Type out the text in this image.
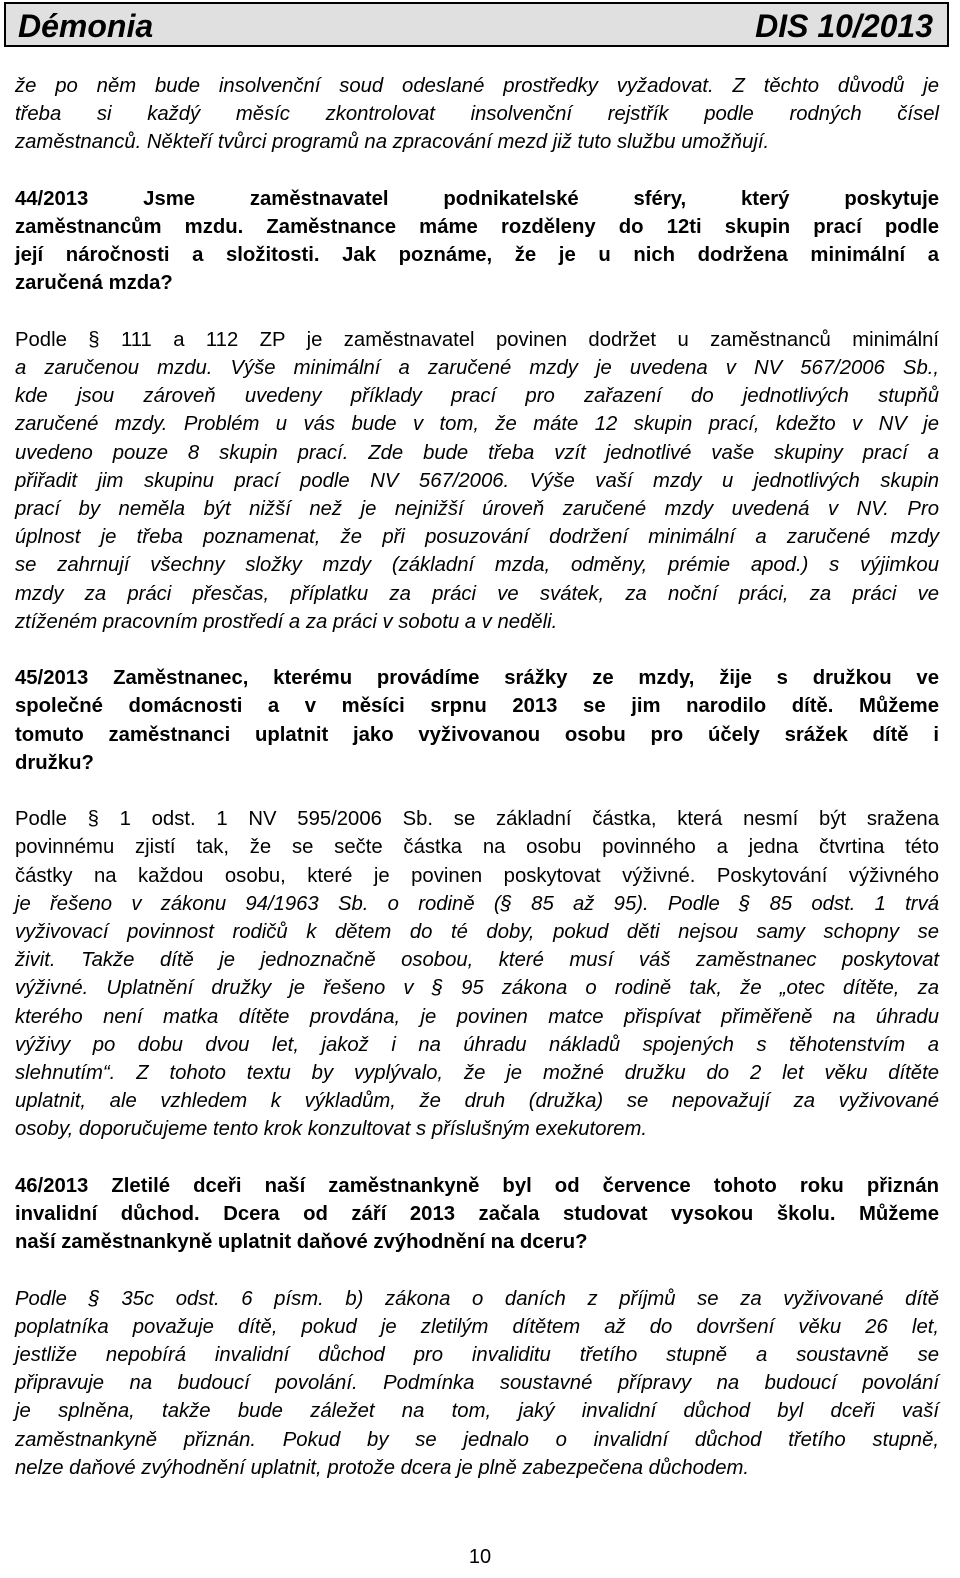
Démonia	DIS 10/2013
že po něm bude insolvenční soud odeslané prostředky vyžadovat. Z těchto důvodů je
třeba si každý měsíc zkontrolovat insolvenční rejstřík podle rodných čísel
zaměstnanců. Někteří tvůrci programů na zpracování mezd již tuto službu umožňují.
44/2013 Jsme zaměstnavatel podnikatelské sféry, který poskytuje
zaměstnancům mzdu. Zaměstnance máme rozděleny do 12ti skupin prací podle
její náročnosti a složitosti. Jak poznáme, že je u nich dodržena minimální a
zaručená mzda?
Podle § 111 a 112 ZP je zaměstnavatel povinen dodržet u zaměstnanců minimální
a zaručenou mzdu. Výše minimální a zaručené mzdy je uvedena v NV 567/2006 Sb.,
kde jsou zároveň uvedeny příklady prací pro zařazení do jednotlivých stupňů
zaručené mzdy. Problém u vás bude v tom, že máte 12 skupin prací, kdežto v NV je
uvedeno pouze 8 skupin prací. Zde bude třeba vzít jednotlivé vaše skupiny prací a
přiřadit jim skupinu prací podle NV 567/2006. Výše vaší mzdy u jednotlivých skupin
prací by neměla být nižší než je nejnižší úroveň zaručené mzdy uvedená v NV. Pro
úplnost je třeba poznamenat, že při posuzování dodržení minimální a zaručené mzdy
se zahrnují všechny složky mzdy (základní mzda, odměny, prémie apod.) s výjimkou
mzdy za práci přesčas, příplatku za práci ve svátek, za noční práci, za práci ve
ztíženém pracovním prostředí a za práci v sobotu a v neděli.
45/2013 Zaměstnanec, kterému provádíme srážky ze mzdy, žije s družkou ve
společné domácnosti a v měsíci srpnu 2013 se jim narodilo dítě. Můžeme
tomuto zaměstnanci uplatnit jako vyživovanou osobu pro účely srážek dítě i
družku?
Podle § 1 odst. 1 NV 595/2006 Sb. se základní částka, která nesmí být sražena
povinnému zjistí tak, že se sečte částka na osobu povinného a jedna čtvrtina této
částky na každou osobu, které je povinen poskytovat výživné. Poskytování výživného
je řešeno v zákonu 94/1963 Sb. o rodině (§ 85 až 95). Podle § 85 odst. 1 trvá
vyživovací povinnost rodičů k dětem do té doby, pokud děti nejsou samy schopny se
živit. Takže dítě je jednoznačně osobou, které musí váš zaměstnanec poskytovat
výživné. Uplatnění družky je řešeno v § 95 zákona o rodině tak, že „otec dítěte, za
kterého není matka dítěte provdána, je povinen matce přispívat přiměřeně na úhradu
výživy po dobu dvou let, jakož i na úhradu nákladů spojených s těhotenstvím a
slehnutím“. Z tohoto textu by vyplývalo, že je možné družku do 2 let věku dítěte
uplatnit, ale vzhledem k výkladům, že druh (družka) se nepovažují za vyživované
osoby, doporučujeme tento krok konzultovat s příslušným exekutorem.
46/2013 Zletilé dceři naší zaměstnankyně byl od července tohoto roku přiznán
invalidní důchod. Dcera od září 2013 začala studovat vysokou školu. Můžeme
naší zaměstnankyně uplatnit daňové zvýhodnění na dceru?
Podle § 35c odst. 6 písm. b) zákona o daních z příjmů se za vyživované dítě
poplatníka považuje dítě, pokud je zletilým dítětem až do dovršení věku 26 let,
jestliže nepobírá invalidní důchod pro invaliditu třetího stupně a soustavně se
připravuje na budoucí povolání. Podmínka soustavné přípravy na budoucí povolání
je splněna, takže bude záležet na tom, jaký invalidní důchod byl dceři vaší
zaměstnankyně přiznán. Pokud by se jednalo o invalidní důchod třetího stupně,
nelze daňové zvýhodnění uplatnit, protože dcera je plně zabezpečena důchodem.
10
